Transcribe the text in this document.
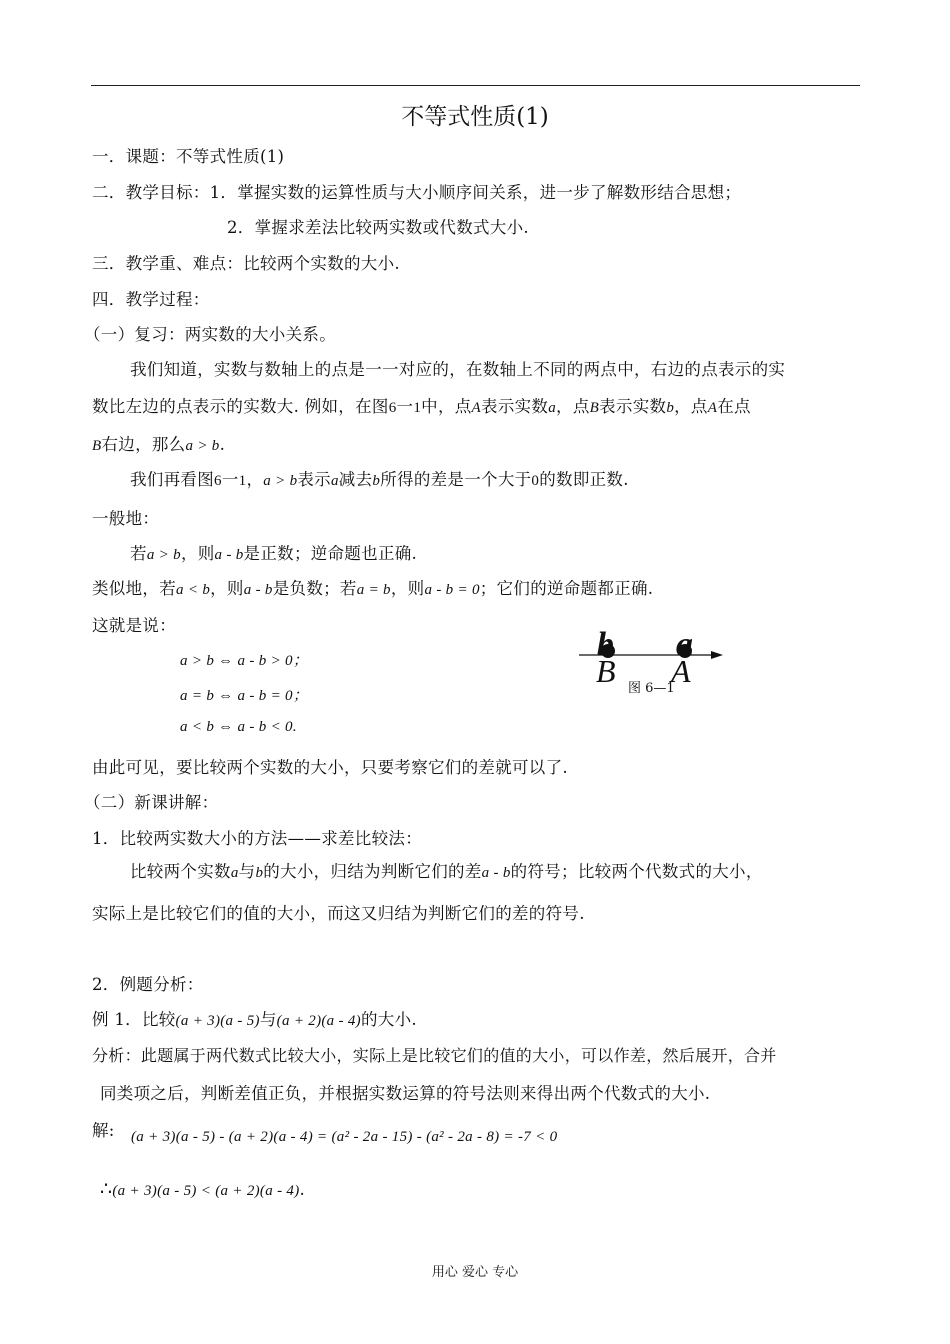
不等式性质(1)
一．课题：不等式性质(1)
二．教学目标：1．掌握实数的运算性质与大小顺序间关系，进一步了解数形结合思想；
2．掌握求差法比较两实数或代数式大小.
三．教学重、难点：比较两个实数的大小.
四．教学过程：
（一）复习：两实数的大小关系。
我们知道，实数与数轴上的点是一一对应的，在数轴上不同的两点中，右边的点表示的实
数比左边的点表示的实数大. 例如，在图6一1中，点A表示实数a，点B表示实数b，点A在点
B右边，那么a > b.
我们再看图6一1，a > b表示a减去b所得的差是一个大于0的数即正数.
一般地：
若a > b，则a - b是正数；逆命题也正确.
类似地，若a < b，则a - b是负数；若a = b，则a - b = 0；它们的逆命题都正确.
这就是说：
a > b ⇔ a - b > 0；
a = b ⇔ a - b = 0；
a < b ⇔ a - b < 0.
b a
B A
图 6—1
由此可见，要比较两个实数的大小，只要考察它们的差就可以了.
（二）新课讲解：
1．比较两实数大小的方法——求差比较法：
比较两个实数a与b的大小，归结为判断它们的差a - b的符号；比较两个代数式的大小，
实际上是比较它们的值的大小，而这又归结为判断它们的差的符号.
2．例题分析：
例 1．比较(a + 3)(a - 5)与(a + 2)(a - 4)的大小.
分析：此题属于两代数式比较大小，实际上是比较它们的值的大小，可以作差，然后展开，合并
同类项之后，判断差值正负，并根据实数运算的符号法则来得出两个代数式的大小.
解: (a + 3)(a - 5) - (a + 2)(a - 4) = (a² - 2a - 15) - (a² - 2a - 8) = -7 < 0
∴(a + 3)(a - 5) < (a + 2)(a - 4).
用心 爱心 专心
